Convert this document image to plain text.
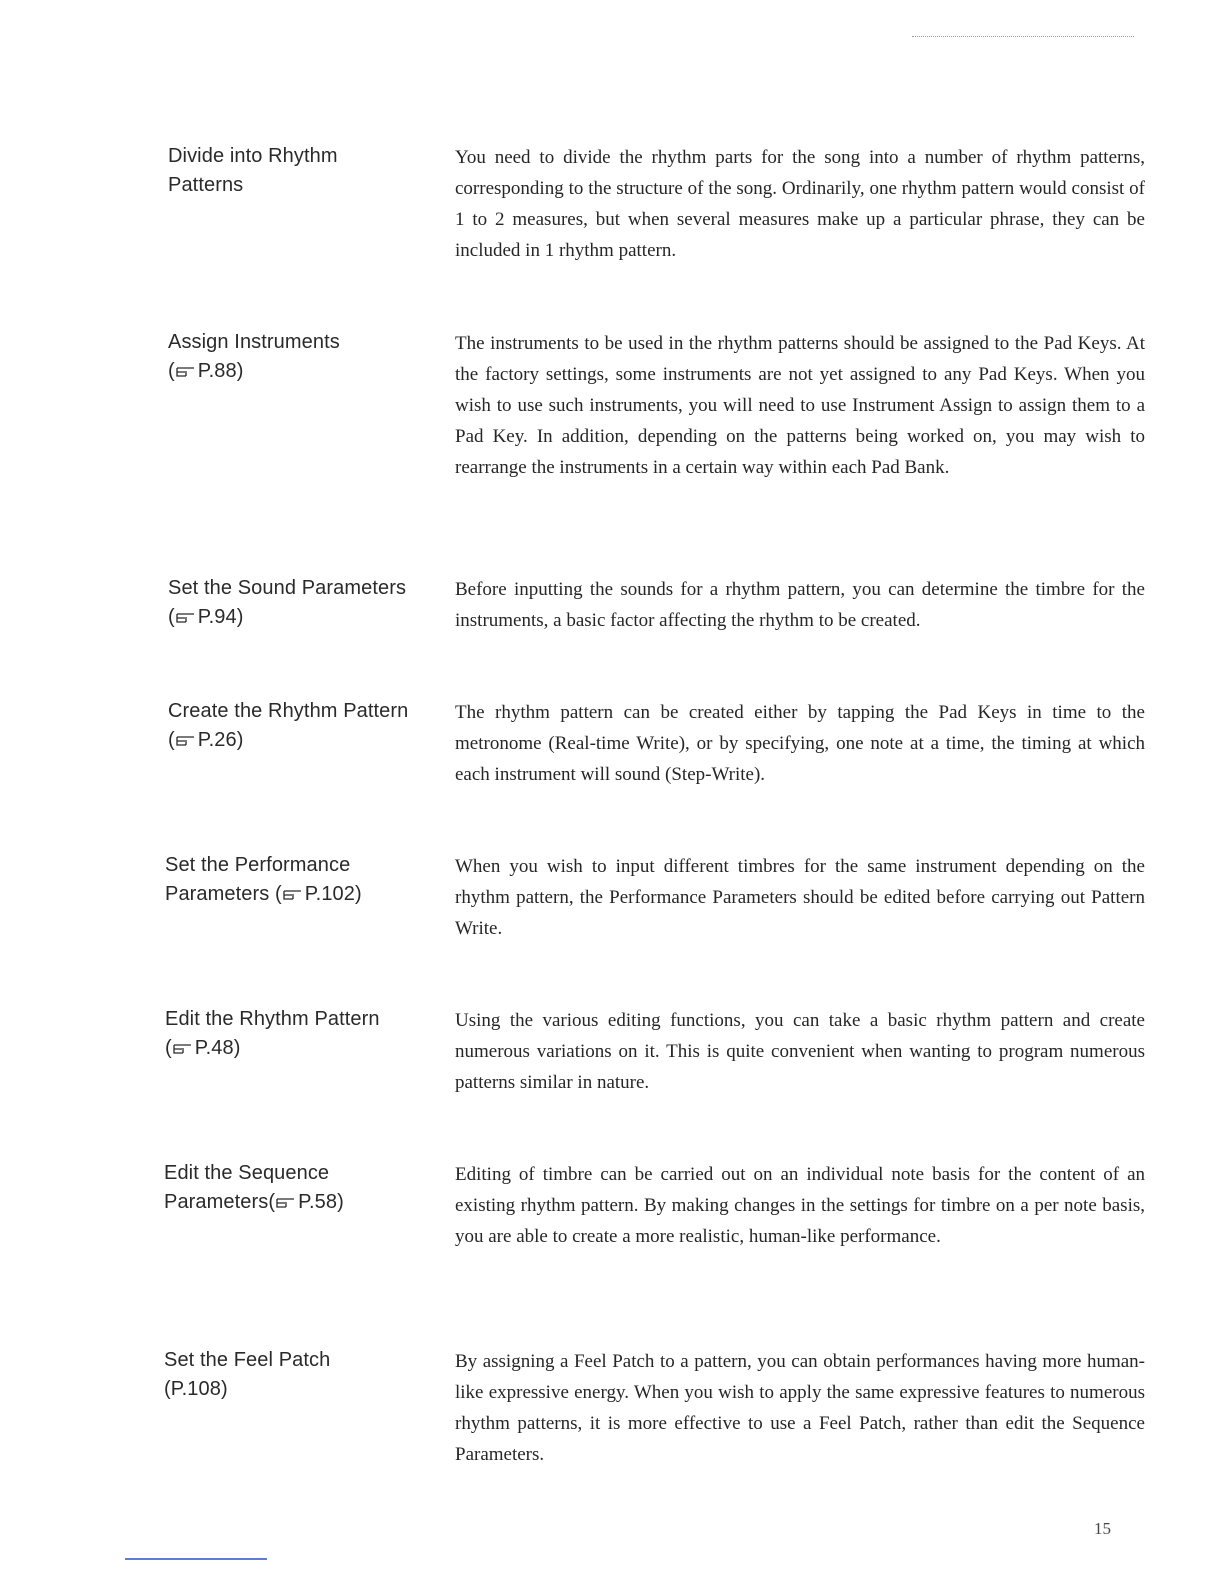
Divide into Rhythm
Patterns
You need to divide the rhythm parts for the song into a number of rhythm patterns, corresponding to the structure of the song. Ordinarily, one rhythm pattern would consist of 1 to 2 measures, but when several measures make up a particular phrase, they can be included in 1 rhythm pattern.
Assign Instruments
( P.88)
The instruments to be used in the rhythm patterns should be assigned to the Pad Keys. At the factory settings, some instruments are not yet assigned to any Pad Keys. When you wish to use such instruments, you will need to use Instrument Assign to assign them to a Pad Key. In addition, depending on the patterns being worked on, you may wish to rearrange the instruments in a certain way within each Pad Bank.
Set the Sound Parameters
( P.94)
Before inputting the sounds for a rhythm pattern, you can determine the timbre for the instruments, a basic factor affecting the rhythm to be created.
Create the Rhythm Pattern
( P.26)
The rhythm pattern can be created either by tapping the Pad Keys in time to the metronome (Real-time Write), or by specifying, one note at a time, the timing at which each instrument will sound (Step-Write).
Set the Performance
Parameters ( P.102)
When you wish to input different timbres for the same instrument depending on the rhythm pattern, the Performance Parameters should be edited before carrying out Pattern Write.
Edit the Rhythm Pattern
( P.48)
Using the various editing functions, you can take a basic rhythm pattern and create numerous variations on it. This is quite convenient when wanting to program numerous patterns similar in nature.
Edit the Sequence
Parameters( P.58)
Editing of timbre can be carried out on an individual note basis for the content of an existing rhythm pattern. By making changes in the settings for timbre on a per note basis, you are able to create a more realistic, human-like performance.
Set the Feel Patch
(P.108)
By assigning a Feel Patch to a pattern, you can obtain performances having more human-like expressive energy. When you wish to apply the same expressive features to numerous rhythm patterns, it is more effective to use a Feel Patch, rather than edit the Sequence Parameters.
15
